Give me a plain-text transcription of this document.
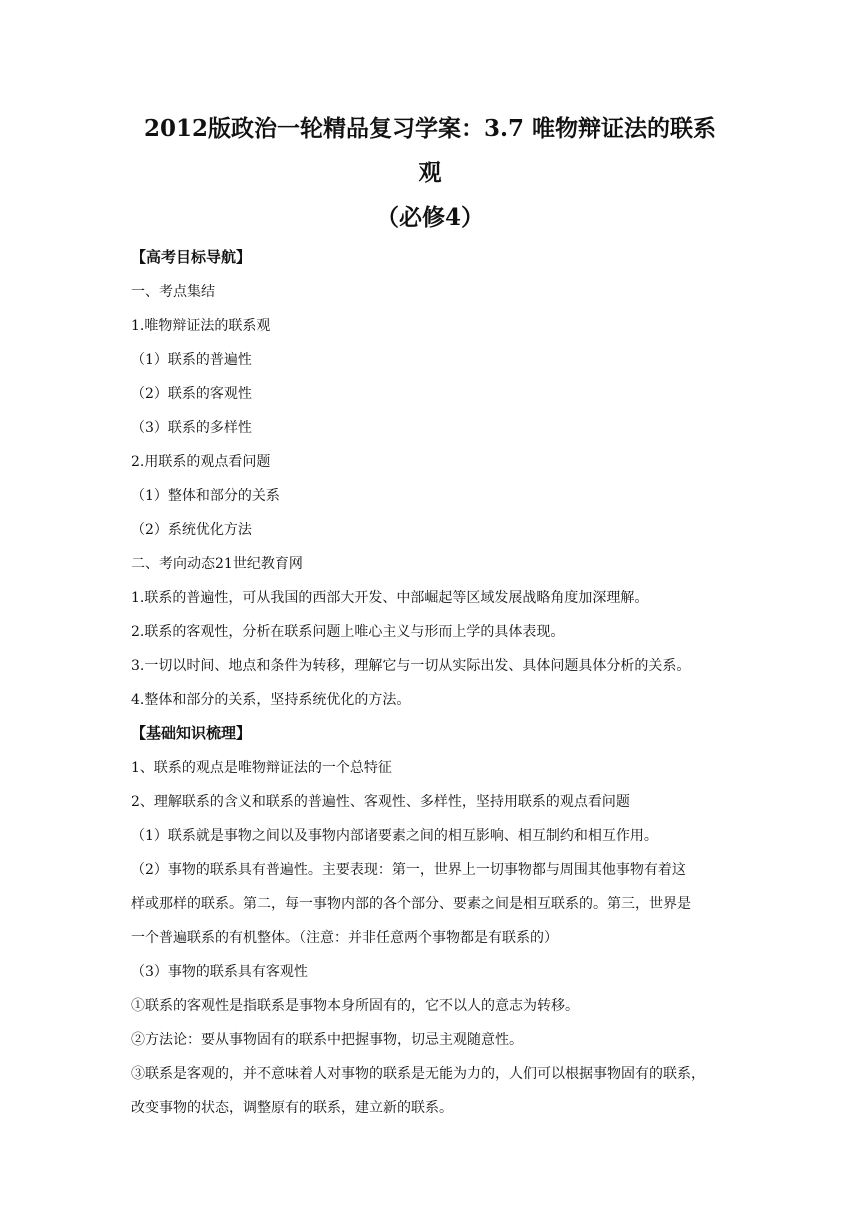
2012版政治一轮精品复习学案：3.7 唯物辩证法的联系
观
（必修4）
【高考目标导航】
一、考点集结
1.唯物辩证法的联系观
（1）联系的普遍性
（2）联系的客观性
（3）联系的多样性
2.用联系的观点看问题
（1）整体和部分的关系
（2）系统优化方法
二、考向动态21世纪教育网
1.联系的普遍性，可从我国的西部大开发、中部崛起等区域发展战略角度加深理解。
2.联系的客观性，分析在联系问题上唯心主义与形而上学的具体表现。
3.一切以时间、地点和条件为转移，理解它与一切从实际出发、具体问题具体分析的关系。
4.整体和部分的关系，坚持系统优化的方法。
【基础知识梳理】
1、联系的观点是唯物辩证法的一个总特征
2、理解联系的含义和联系的普遍性、客观性、多样性，坚持用联系的观点看问题
（1）联系就是事物之间以及事物内部诸要素之间的相互影响、相互制约和相互作用。
（2）事物的联系具有普遍性。主要表现：第一，世界上一切事物都与周围其他事物有着这
样或那样的联系。第二，每一事物内部的各个部分、要素之间是相互联系的。第三，世界是
一个普遍联系的有机整体。（注意：并非任意两个事物都是有联系的）
（3）事物的联系具有客观性
①联系的客观性是指联系是事物本身所固有的，它不以人的意志为转移。
②方法论：要从事物固有的联系中把握事物，切忌主观随意性。
③联系是客观的，并不意味着人对事物的联系是无能为力的，人们可以根据事物固有的联系，
改变事物的状态，调整原有的联系，建立新的联系。
